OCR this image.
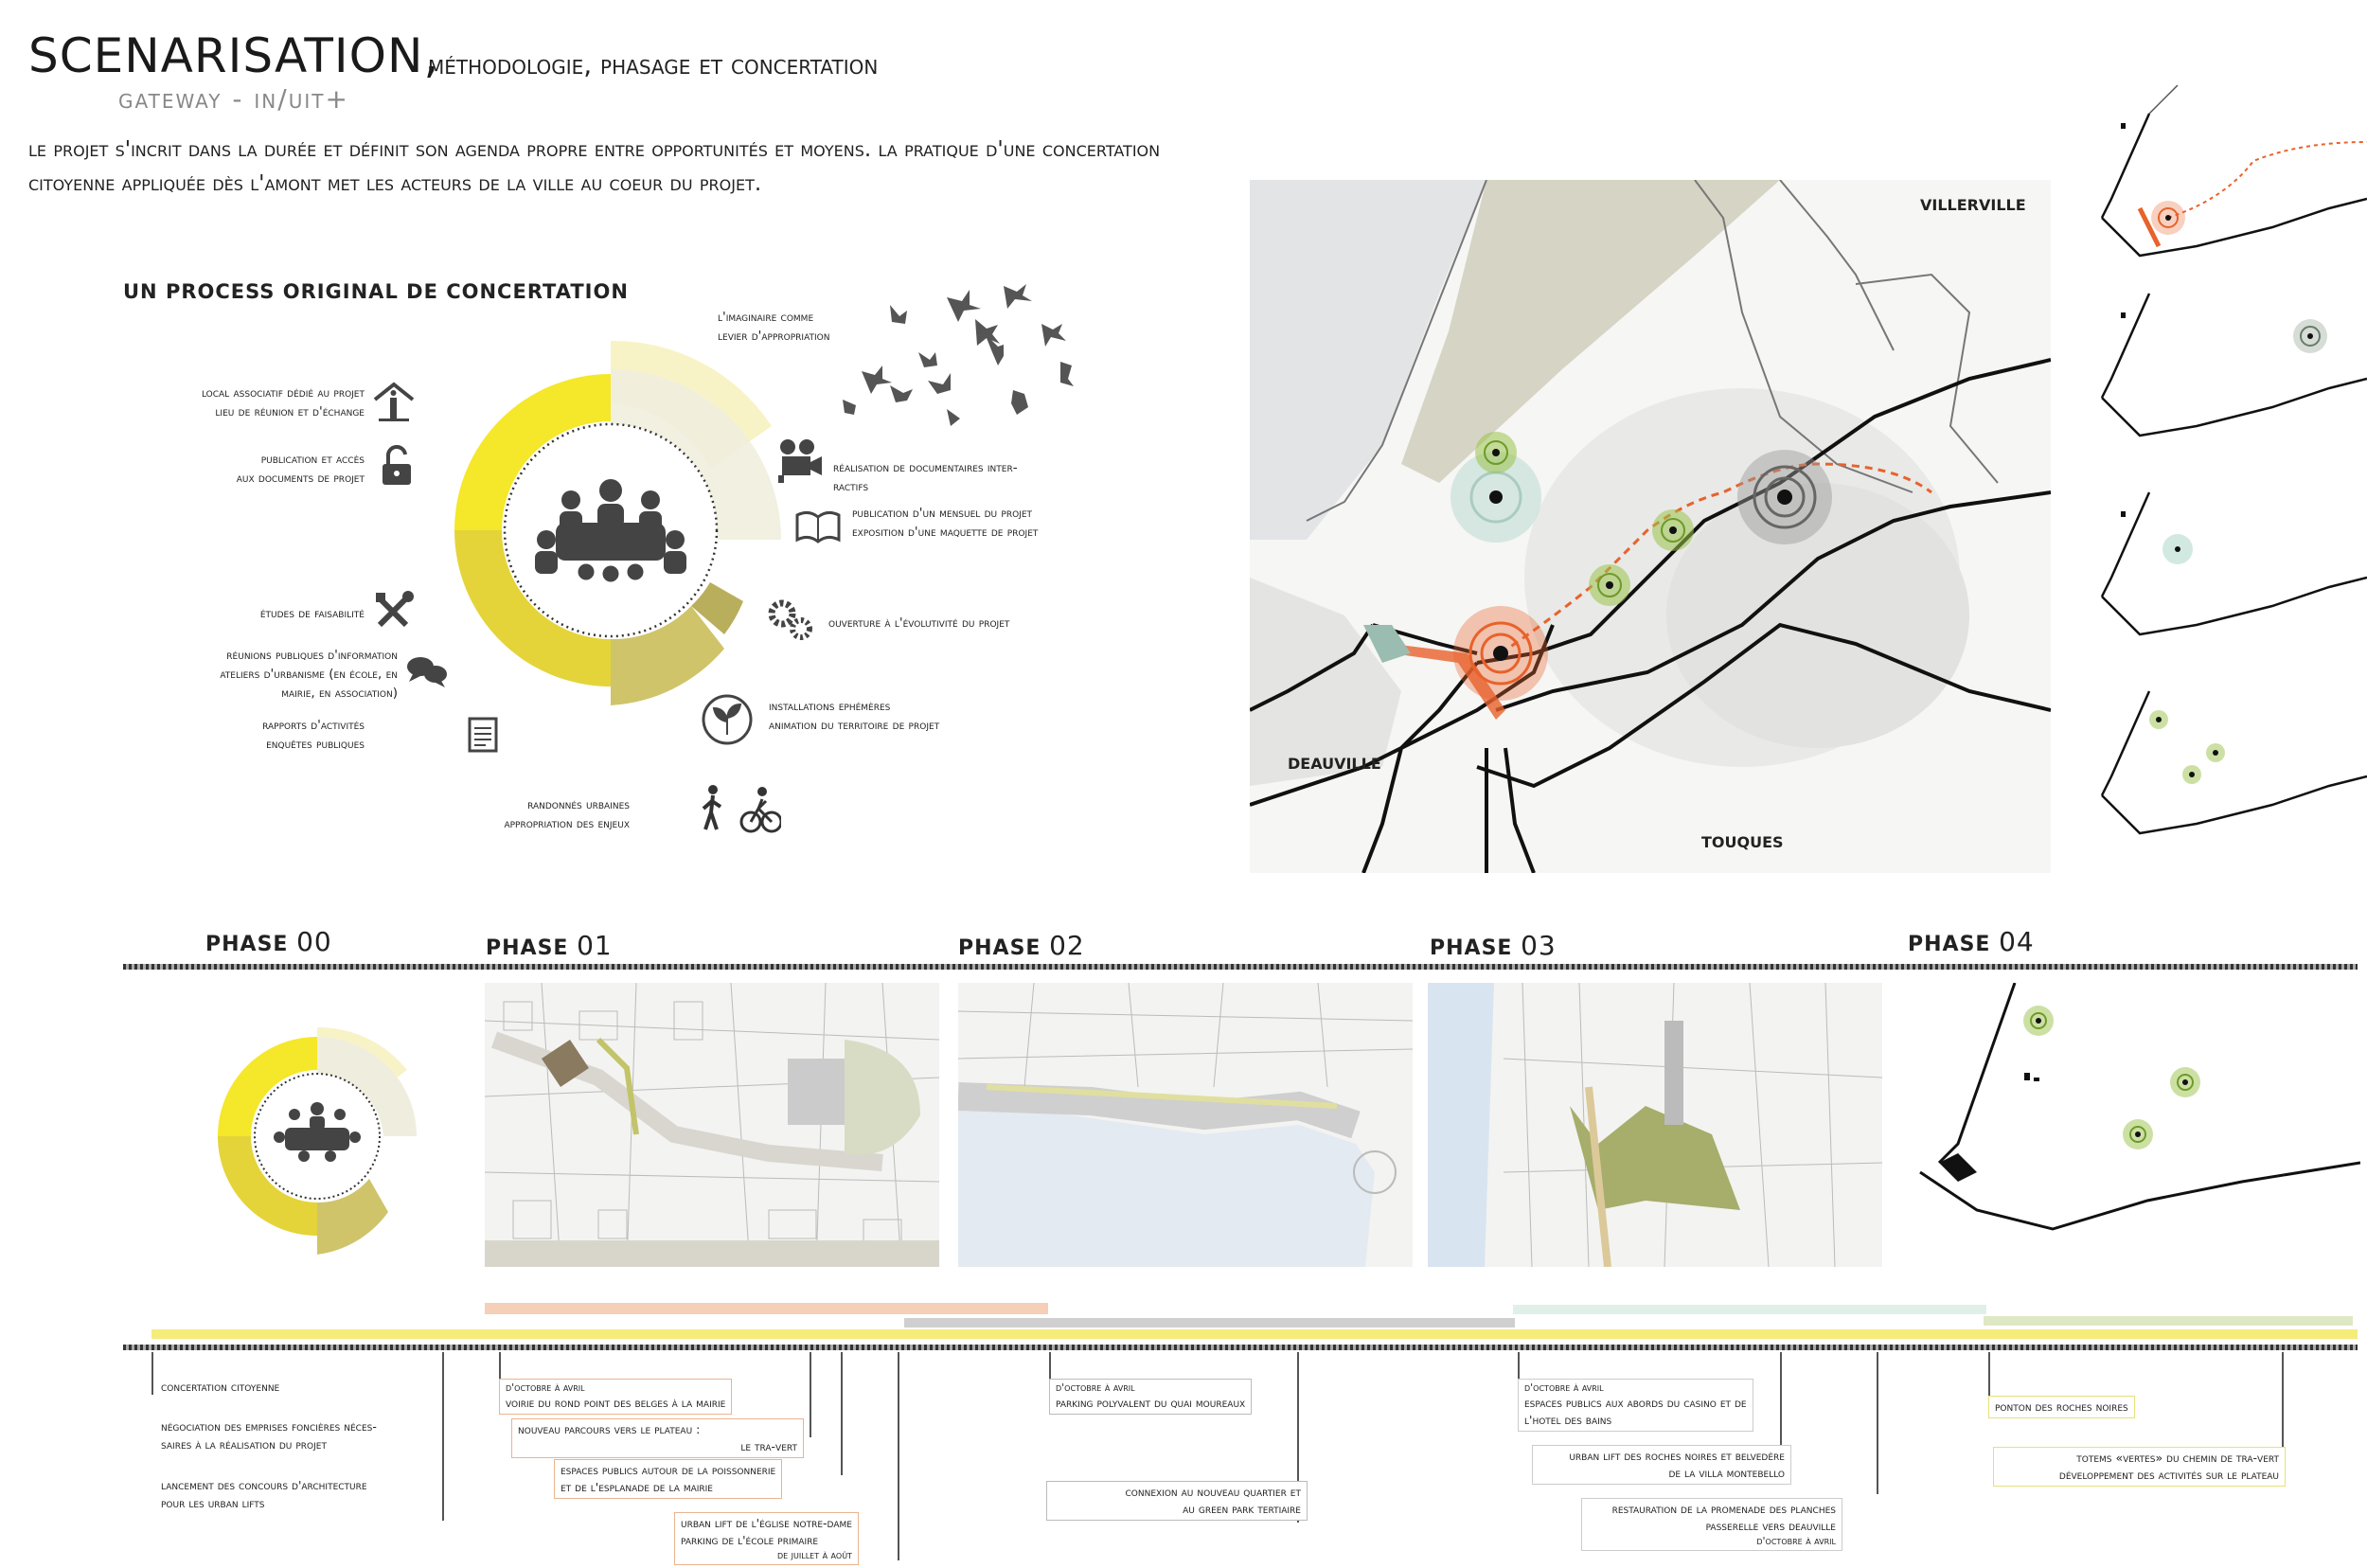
SCENARISATION,
méthodologie, phasage et concertation
gateway - in/uit+
le projet s'incrit dans la durée et définit son agenda propre entre opportunités et moyens. la pratique d'une concertation citoyenne appliquée dès l'amont met les acteurs de la ville au coeur du projet.
UN PROCESS ORIGINAL DE CONCERTATION
local associatif dédié au projet
lieu de réunion et d'échange
publication et accès
aux documents de projet
études de faisabilité
réunions publiques d'information
ateliers d'urbanisme (en école, en
mairie, en association)
rapports d'activités
enquêtes publiques
randonnés urbaines
appropriation des enjeux
l'imaginaire comme
levier d'appropriation
réalisation de documentaires inter-
ractifs
publication d'un mensuel du projet
exposition d'une maquette de projet
ouverture à l'évolutivité du projet
installations ephémères
animation du territoire de projet
VILLERVILLE
DEAUVILLE
TOUQUES
PHASE 00	PHASE 01	PHASE 02	PHASE 03	PHASE 04
concertation citoyenne
négociation des emprises foncières néces-
saires à la réalisation du projet
lancement des concours d'architecture
pour les urban lifts
d'octobre à avril
voirie du rond point des belges à la mairie
nouveau parcours vers le plateau :
le tra-vert
espaces publics autour de la poissonnerie
et de l'esplanade de la mairie
urban lift de l'église notre-dame
parking de l'école primaire
de juillet à août
d'octobre à avril
parking polyvalent du quai moureaux
connexion au nouveau quartier et
au green park tertiaire
d'octobre à avril
espaces publics aux abords du casino et de
l'hotel des bains
urban lift des roches noires et belvedère
de la villa montebello
restauration de la promenade des planches
passerelle vers deauville
d'octobre à avril
ponton des roches noires
totems «vertes» du chemin de tra-vert
développement des activités sur le plateau
